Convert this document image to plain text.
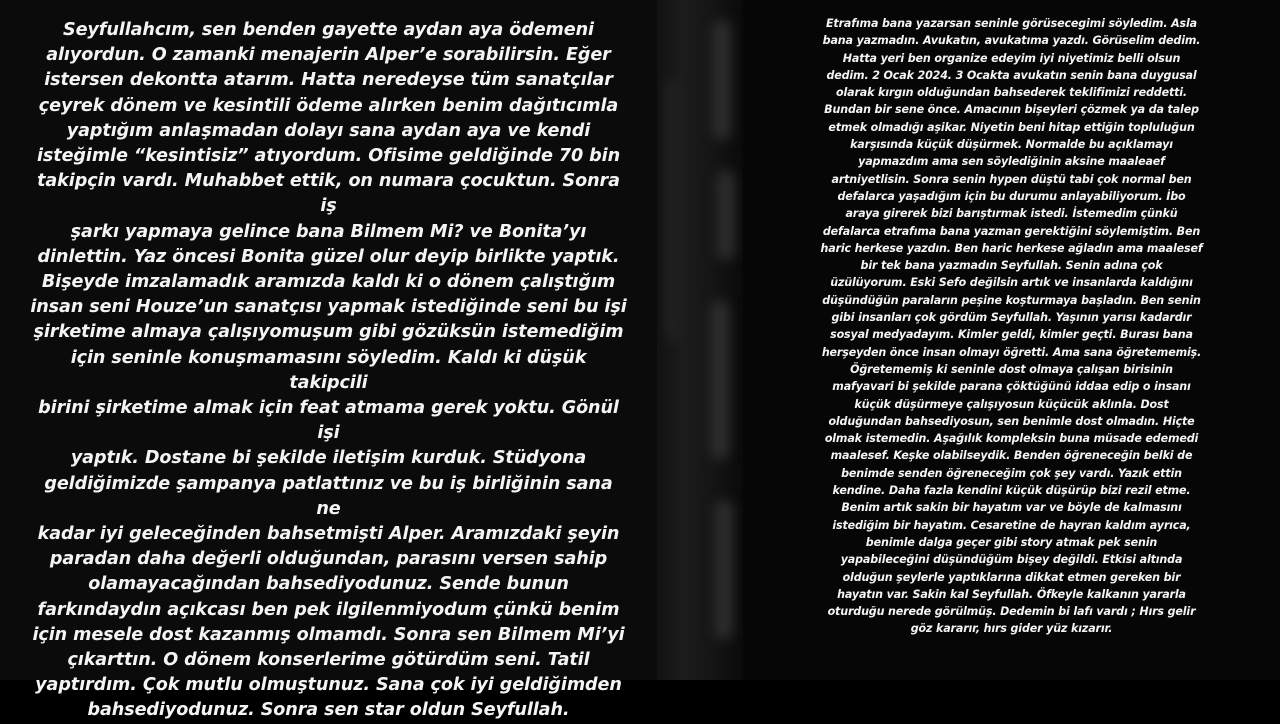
Seyfullahcım, sen benden gayette aydan aya ödemeni
alıyordun. O zamanki menajerin Alper’e sorabilirsin. Eğer
istersen dekontta atarım. Hatta neredeyse tüm sanatçılar
çeyrek dönem ve kesintili ödeme alırken benim dağıtıcımla
yaptığım anlaşmadan dolayı sana aydan aya ve kendi
isteğimle “kesintisiz” atıyordum. Ofisime geldiğinde 70 bin
takipçin vardı. Muhabbet ettik, on numara çocuktun. Sonra iş
şarkı yapmaya gelince bana Bilmem Mi? ve Bonita’yı
dinlettin. Yaz öncesi Bonita güzel olur deyip birlikte yaptık.
Bişeyde imzalamadık aramızda kaldı ki o dönem çalıştığım
insan seni Houze’un sanatçısı yapmak istediğinde seni bu işi
şirketime almaya çalışıyomuşum gibi gözüksün istemediğim
için seninle konuşmamasını söyledim. Kaldı ki düşük takipcili
birini şirketime almak için feat atmama gerek yoktu. Gönül işi
yaptık. Dostane bi şekilde iletişim kurduk. Stüdyona
geldiğimizde şampanya patlattınız ve bu iş birliğinin sana ne
kadar iyi geleceğinden bahsetmişti Alper. Aramızdaki şeyin
paradan daha değerli olduğundan, parasını versen sahip
olamayacağından bahsediyodunuz. Sende bunun
farkındaydın açıkcası ben pek ilgilenmiyodum çünkü benim
için mesele dost kazanmış olmamdı. Sonra sen Bilmem Mi’yi
çıkarttın. O dönem konserlerime götürdüm seni. Tatil
yaptırdım. Çok mutlu olmuştunuz. Sana çok iyi geldiğimden
bahsediyodunuz. Sonra sen star oldun Seyfullah.

Etrafıma bana yazarsan seninle görüsecegimi söyledim. Asla
bana yazmadın. Avukatın, avukatıma yazdı. Görüselim dedim.
Hatta yeri ben organize edeyim iyi niyetimiz belli olsun
dedim. 2 Ocak 2024. 3 Ocakta avukatın senin bana duygusal
olarak kırgın olduğundan bahsederek teklifimizi reddetti.
Bundan bir sene önce. Amacının bişeyleri çözmek ya da talep
etmek olmadığı aşikar. Niyetin beni hitap ettiğin topluluğun
karşısında küçük düşürmek. Normalde bu açıklamayı
yapmazdım ama sen söylediğinin aksine maaleaef
artniyetlisin. Sonra senin hypen düştü tabi çok normal ben
defalarca yaşadığım için bu durumu anlayabiliyorum. İbo
araya girerek bizi barıştırmak istedi. İstemedim çünkü
defalarca etrafıma bana yazman gerektiğini söylemiştim. Ben
haric herkese yazdın. Ben haric herkese ağladın ama maalesef
bir tek bana yazmadın Seyfullah. Senin adına çok
üzülüyorum. Eski Sefo değilsin artık ve insanlarda kaldığını
düşündüğün paraların peşine koşturmaya başladın. Ben senin
gibi insanları çok gördüm Seyfullah. Yaşının yarısı kadardır
sosyal medyadayım. Kimler geldi, kimler geçti. Burası bana
herşeyden önce insan olmayı öğretti. Ama sana öğretememiş.
Öğretememiş ki seninle dost olmaya çalışan birisinin
mafyavari bi şekilde parana çöktüğünü iddaa edip o insanı
küçük düşürmeye çalışıyosun küçücük aklınla. Dost
olduğundan bahsediyosun, sen benimle dost olmadın. Hiçte
olmak istemedin. Aşağılık kompleksin buna müsade edemedi
maalesef. Keşke olabilseydik. Benden öğreneceğin belki de
benimde senden öğreneceğim çok şey vardı. Yazık ettin
kendine. Daha fazla kendini küçük düşürüp bizi rezil etme.
Benim artık sakin bir hayatım var ve böyle de kalmasını
istediğim bir hayatım. Cesaretine de hayran kaldım ayrıca,
benimle dalga geçer gibi story atmak pek senin
yapabileceğini düşündüğüm bişey değildi. Etkisi altında
olduğun şeylerle yaptıklarına dikkat etmen gereken bir
hayatın var. Sakin kal Seyfullah. Öfkeyle kalkanın yararla
oturduğu nerede görülmüş. Dedemin bi lafı vardı ; Hırs gelir
göz kararır, hırs gider yüz kızarır.
